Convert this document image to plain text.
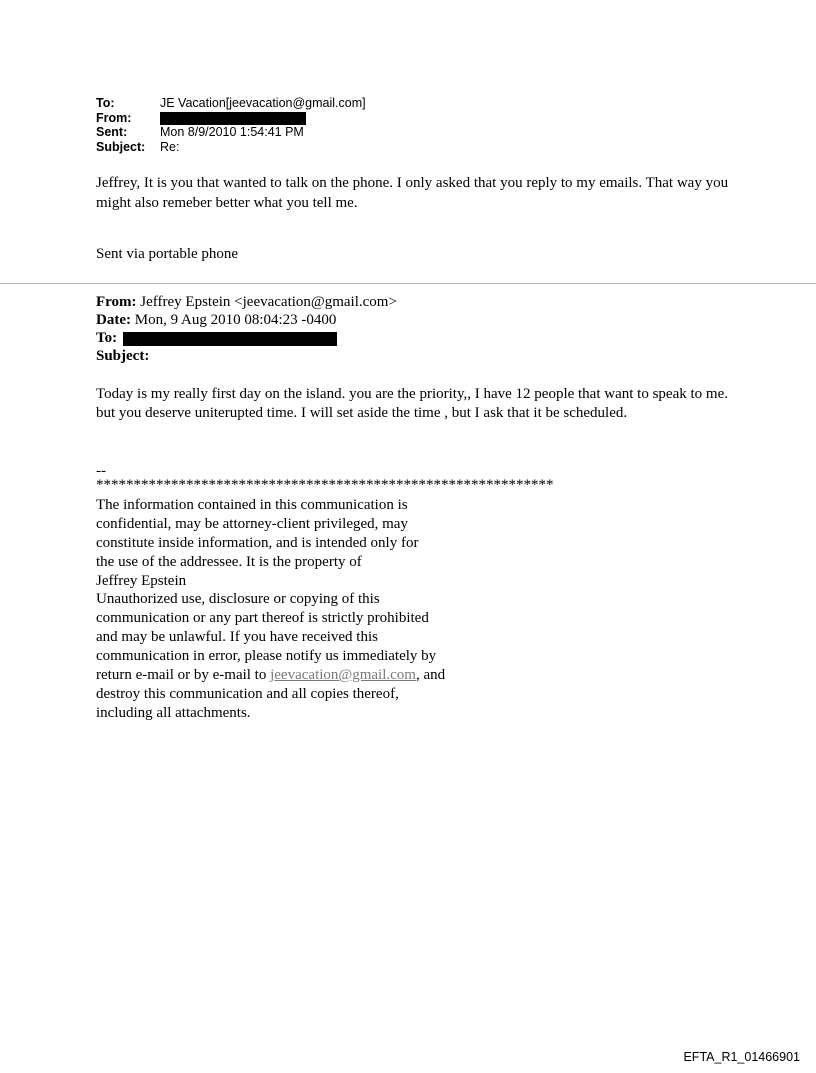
To:	JE Vacation[jeevacation@gmail.com]
From:
Sent:	Mon 8/9/2010 1:54:41 PM
Subject:	Re:

Jeffrey, It is you that wanted to talk on the phone. I only asked that you reply to my emails. That way you might also remeber better what you tell me.

Sent via portable phone

From: Jeffrey Epstein <jeevacation@gmail.com>
Date: Mon, 9 Aug 2010 08:04:23 -0400
To:
Subject:

Today is my really first day on the island. you are the priority,, I have 12 people that want to speak to me. but you deserve uniterupted time. I will set aside the time , but I ask that it be scheduled.

--
*************************************************************
The information contained in this communication is
confidential, may be attorney-client privileged, may
constitute inside information, and is intended only for
the use of the addressee. It is the property of
Jeffrey Epstein
Unauthorized use, disclosure or copying of this
communication or any part thereof is strictly prohibited
and may be unlawful. If you have received this
communication in error, please notify us immediately by
return e-mail or by e-mail to jeevacation@gmail.com, and
destroy this communication and all copies thereof,
including all attachments.
EFTA_R1_01466901
